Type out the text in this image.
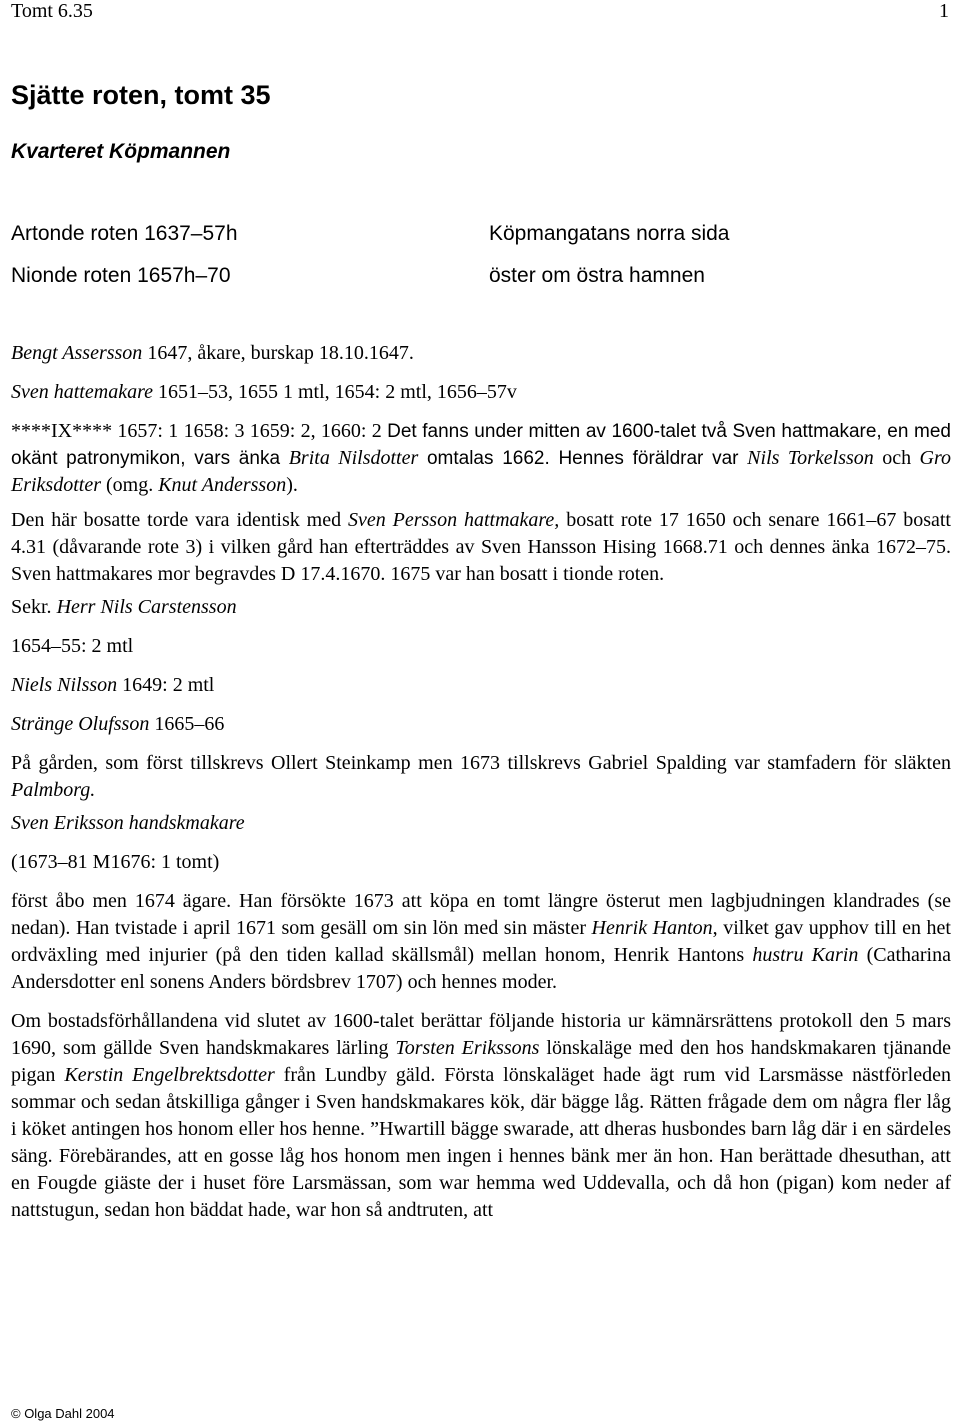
Tomt 6.35	1
Sjätte roten, tomt 35
Kvarteret Köpmannen
Artonde roten 1637–57h	Köpmangatans norra sida
Nionde roten 1657h–70	öster om östra hamnen

Bengt Assersson 1647, åkare, burskap 18.10.1647.

Sven hattemakare 1651–53, 1655 1 mtl, 1654: 2 mtl, 1656–57v

****IX**** 1657: 1 1658: 3 1659: 2, 1660: 2 Det fanns under mitten av 1600-talet två Sven hattmakare, en med okänt patronymikon, vars änka Brita Nilsdotter omtalas 1662. Hennes föräldrar var Nils Torkelsson och Gro Eriksdotter (omg. Knut Andersson).

Den här bosatte torde vara identisk med Sven Persson hattmakare, bosatt rote 17 1650 och senare 1661–67 bosatt 4.31 (dåvarande rote 3) i vilken gård han efterträddes av Sven Hansson Hising 1668.71 och dennes änka 1672–75. Sven hattmakares mor begravdes D 17.4.1670. 1675 var han bosatt i tionde roten.

Sekr. Herr Nils Carstensson

1654–55: 2 mtl

Niels Nilsson 1649: 2 mtl

Stränge Olufsson 1665–66

På gården, som först tillskrevs Ollert Steinkamp men 1673 tillskrevs Gabriel Spalding var stamfadern för släkten Palmborg.

Sven Eriksson handskmakare

(1673–81 M1676: 1 tomt)

först åbo men 1674 ägare. Han försökte 1673 att köpa en tomt längre österut men lagbjudningen klandrades (se nedan). Han tvistade i april 1671 som gesäll om sin lön med sin mäster Henrik Hanton, vilket gav upphov till en het ordväxling med injurier (på den tiden kallad skällsmål) mellan honom, Henrik Hantons hustru Karin (Catharina Andersdotter enl sonens Anders bördsbrev 1707) och hennes moder.

Om bostadsförhållandena vid slutet av 1600-talet berättar följande historia ur kämnärsrättens protokoll den 5 mars 1690, som gällde Sven handskmakares lärling Torsten Erikssons lönskaläge med den hos handskmakaren tjänande pigan Kerstin Engelbrektsdotter från Lundby gäld. Första lönskaläget hade ägt rum vid Larsmässe nästförleden sommar och sedan åtskilliga gånger i Sven handskmakares kök, där bägge låg. Rätten frågade dem om några fler låg i köket antingen hos honom eller hos henne. ”Hwartill bägge swarade, att dheras husbondes barn låg där i en särdeles säng. Förebärandes, att en gosse låg hos honom men ingen i hennes bänk mer än hon. Han berättade dhesuthan, att en Fougde giäste der i huset före Larsmässan, som war hemma wed Uddevalla, och då hon (pigan) kom neder af nattstugun, sedan hon bäddat hade, war hon så andtruten, att

© Olga Dahl 2004
